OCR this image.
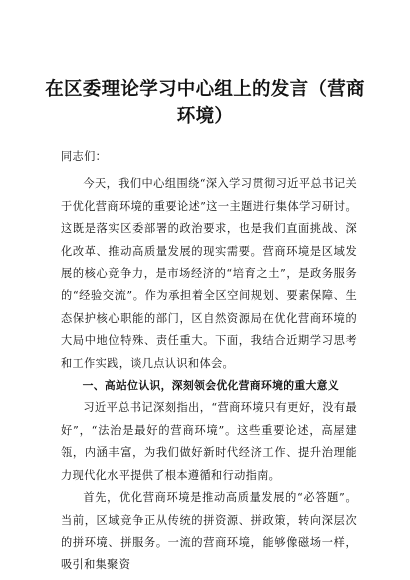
在区委理论学习中心组上的发言（营商环境）

同志们：

今天，我们中心组围绕“深入学习贯彻习近平总书记关于优化营商环境的重要论述”这一主题进行集体学习研讨。这既是落实区委部署的政治要求，也是我们直面挑战、深化改革、推动高质量发展的现实需要。营商环境是区域发展的核心竞争力，是市场经济的“培育之土”，是政务服务的“经验交流”。作为承担着全区空间规划、要素保障、生态保护核心职能的部门，区自然资源局在优化营商环境的大局中地位特殊、责任重大。下面，我结合近期学习思考和工作实践，谈几点认识和体会。

一、高站位认识，深刻领会优化营商环境的重大意义

习近平总书记深刻指出，“营商环境只有更好，没有最好”，“法治是最好的营商环境”。这些重要论述，高屋建瓴，内涵丰富，为我们做好新时代经济工作、提升治理能力现代化水平提供了根本遵循和行动指南。

首先，优化营商环境是推动高质量发展的“必答题”。当前，区域竞争正从传统的拼资源、拼政策，转向深层次的拼环境、拼服务。一流的营商环境，能够像磁场一样，吸引和集聚资
